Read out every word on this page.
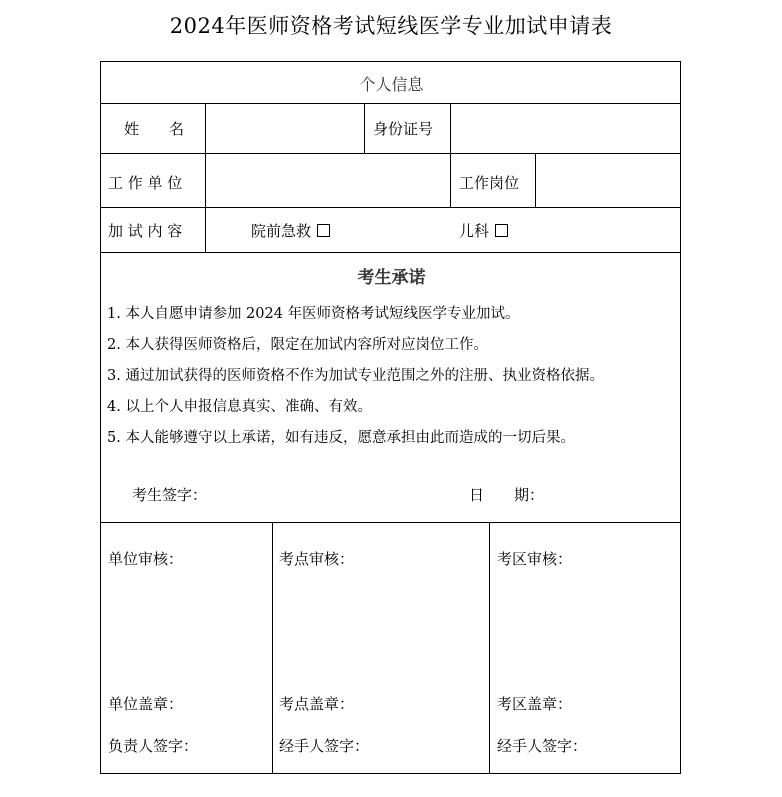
2024年医师资格考试短线医学专业加试申请表
个人信息
姓　　名	身份证号
工 作 单 位	工作岗位
加 试 内 容	院前急救	儿科
考生承诺
1. 本人自愿申请参加 2024 年医师资格考试短线医学专业加试。
2. 本人获得医师资格后，限定在加试内容所对应岗位工作。
3. 通过加试获得的医师资格不作为加试专业范围之外的注册、执业资格依据。
4. 以上个人申报信息真实、准确、有效。
5. 本人能够遵守以上承诺，如有违反，愿意承担由此而造成的一切后果。
考生签字：	日　　期：
单位审核：
单位盖章：
负责人签字：
考点审核：
考点盖章：
经手人签字：
考区审核：
考区盖章：
经手人签字：
